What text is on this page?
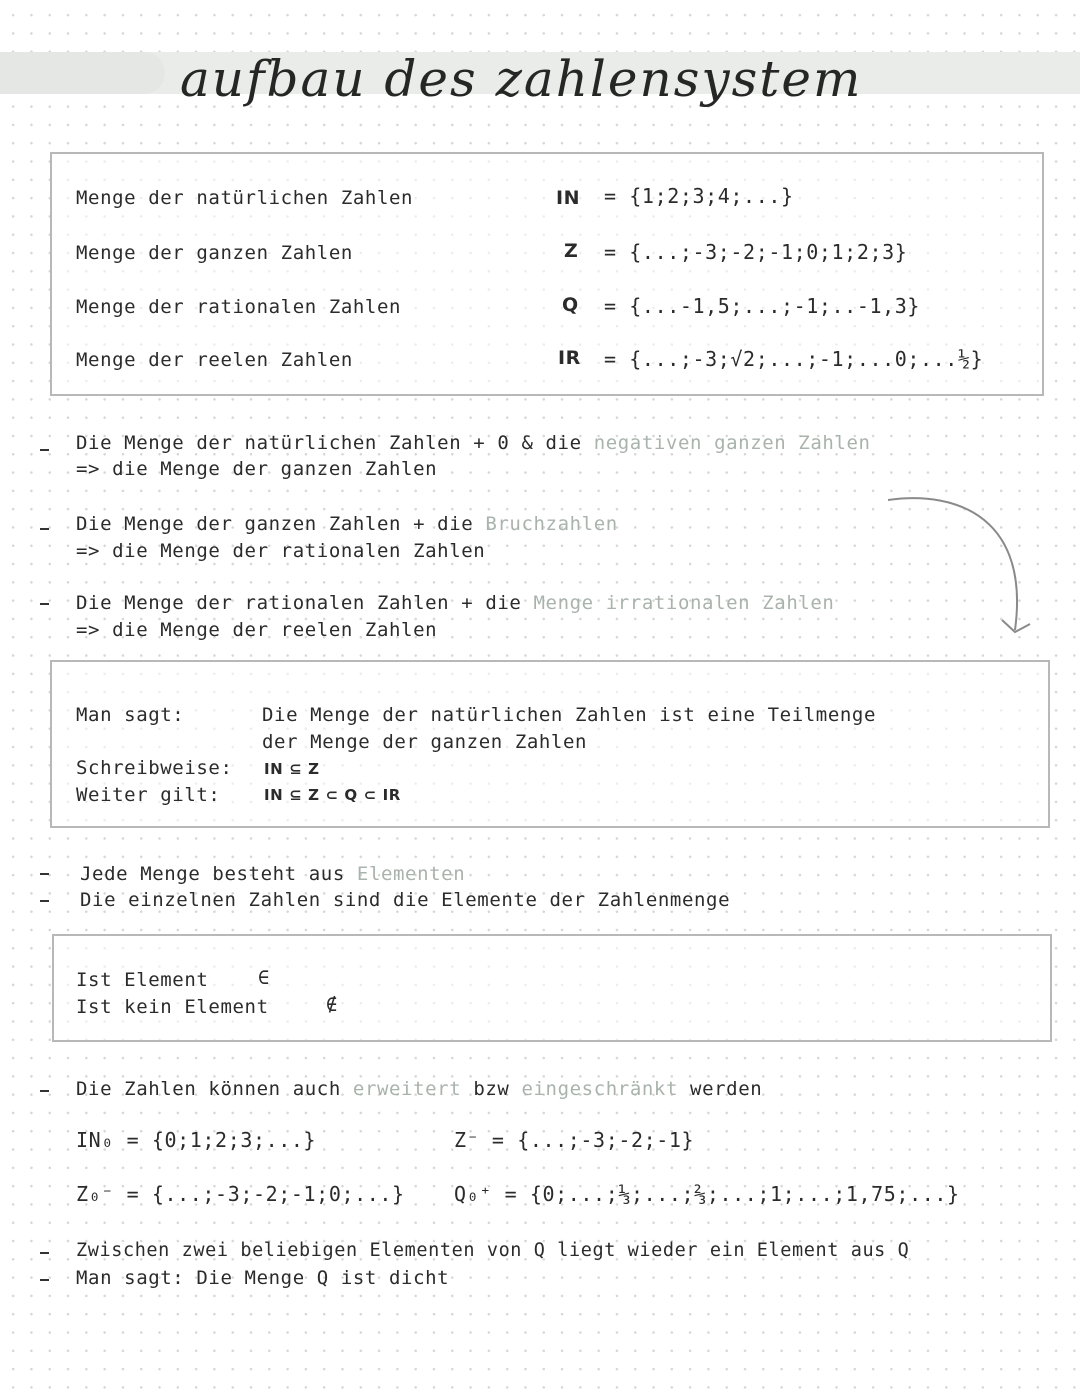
aufbau des zahlensystem
Menge der natürlichen Zahlen	IN = {1;2;3;4;...}
Menge der ganzen Zahlen	Z = {...;-3;-2;-1;0;1;2;3}
Menge der rationalen Zahlen	Q = {...-1,5;...;-1;..-1,3}
Menge der reelen Zahlen	IR = {...;-3;√2;...;-1;...0;...½}
Die Menge der natürlichen Zahlen + 0 & die negativen ganzen Zahlen
=> die Menge der ganzen Zahlen
Die Menge der ganzen Zahlen + die Bruchzahlen
=> die Menge der rationalen Zahlen
Die Menge der rationalen Zahlen + die Menge irrationalen Zahlen
=> die Menge der reelen Zahlen
Man sagt:	Die Menge der natürlichen Zahlen ist eine Teilmenge
der Menge der ganzen Zahlen
Schreibweise: IN ⊆ Z
Weiter gilt:	IN ⊆ Z ⊂ Q ⊂ IR
Jede Menge besteht aus Elementen
Die einzelnen Zahlen sind die Elemente der Zahlenmenge
Ist Element	∈
Ist kein Element	∉
Die Zahlen können auch erweitert bzw eingeschränkt werden
IN₀ = {0;1;2;3;...}	Z⁻ = {...;-3;-2;-1}
Z₀⁻ = {...;-3;-2;-1;0;...} Q₀⁺ = {0;...;⅓;...;⅔;...;1;...;1,75;...}
Zwischen zwei beliebigen Elementen von Q liegt wieder ein Element aus Q
Man sagt: Die Menge Q ist dicht
